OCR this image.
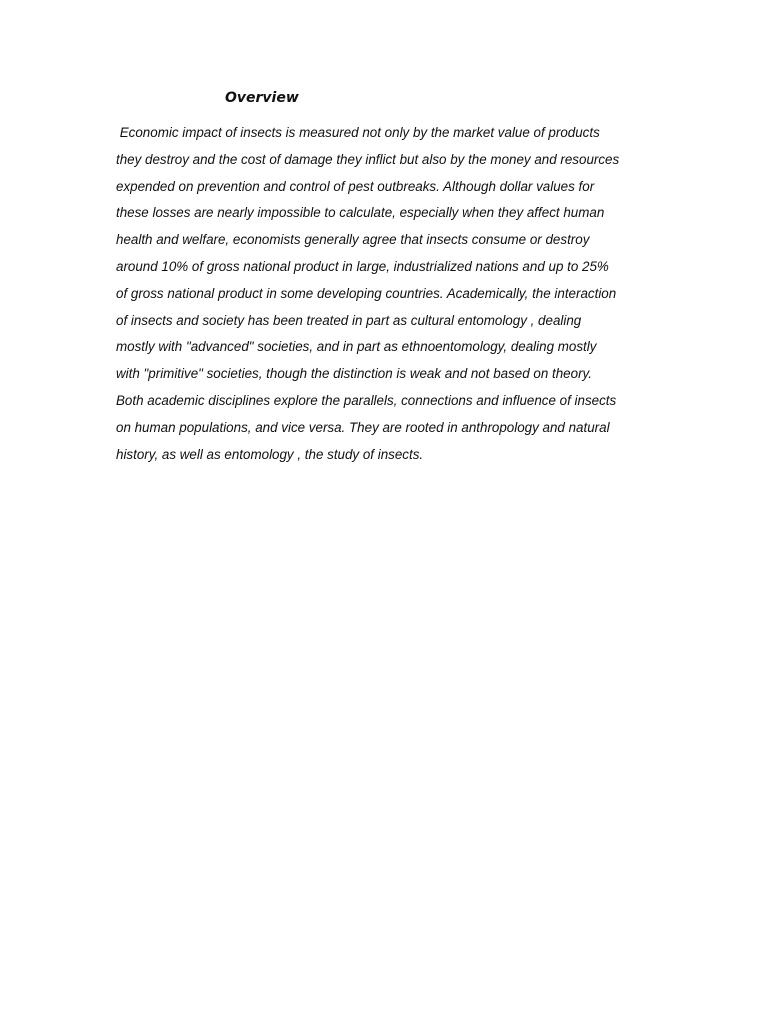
Overview
Economic impact of insects is measured not only by the market value of products
they destroy and the cost of damage they inflict but also by the money and resources
expended on prevention and control of pest outbreaks. Although dollar values for
these losses are nearly impossible to calculate, especially when they affect human
health and welfare, economists generally agree that insects consume or destroy
around 10% of gross national product in large, industrialized nations and up to 25%
of gross national product in some developing countries. Academically, the interaction
of insects and society has been treated in part as cultural entomology , dealing
mostly with "advanced" societies, and in part as ethnoentomology, dealing mostly
with "primitive" societies, though the distinction is weak and not based on theory.
Both academic disciplines explore the parallels, connections and influence of insects
on human populations, and vice versa. They are rooted in anthropology and natural
history, as well as entomology , the study of insects.
